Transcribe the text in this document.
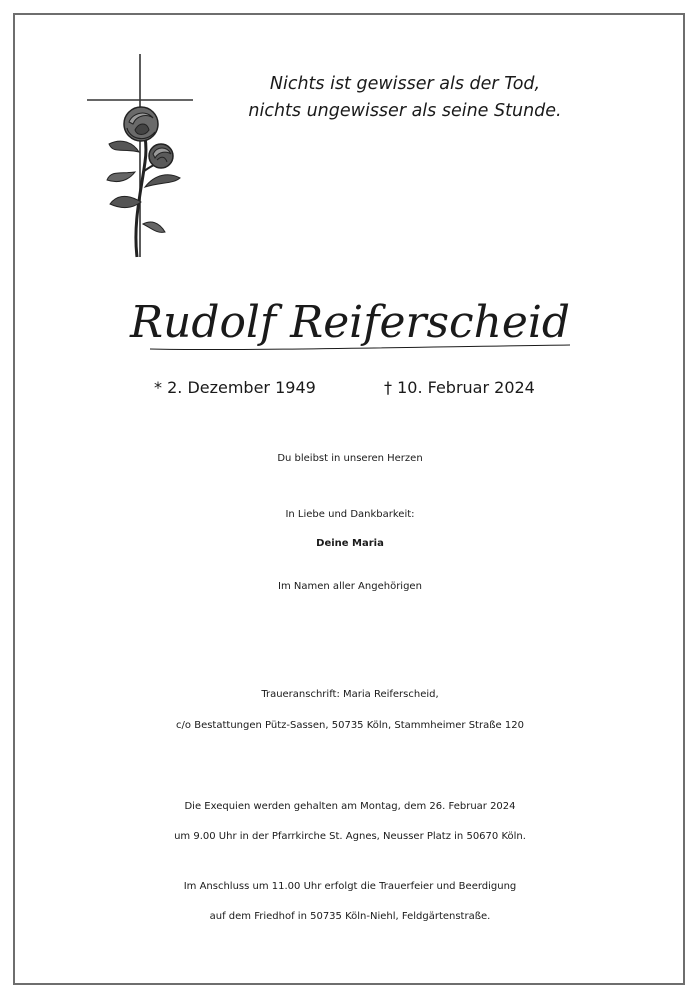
Nichts ist gewisser als der Tod,
nichts ungewisser als seine Stunde.
Rudolf Reiferscheid
* 2. Dezember 1949	† 10. Februar 2024
Du bleibst in unseren Herzen
In Liebe und Dankbarkeit:
Deine Maria
Im Namen aller Angehörigen
Traueranschrift: Maria Reiferscheid,
c/o Bestattungen Pütz-Sassen, 50735 Köln, Stammheimer Straße 120
Die Exequien werden gehalten am Montag, dem 26. Februar 2024
um 9.00 Uhr in der Pfarrkirche St. Agnes, Neusser Platz in 50670 Köln.
Im Anschluss um 11.00 Uhr erfolgt die Trauerfeier und Beerdigung
auf dem Friedhof in 50735 Köln-Niehl, Feldgärtenstraße.
